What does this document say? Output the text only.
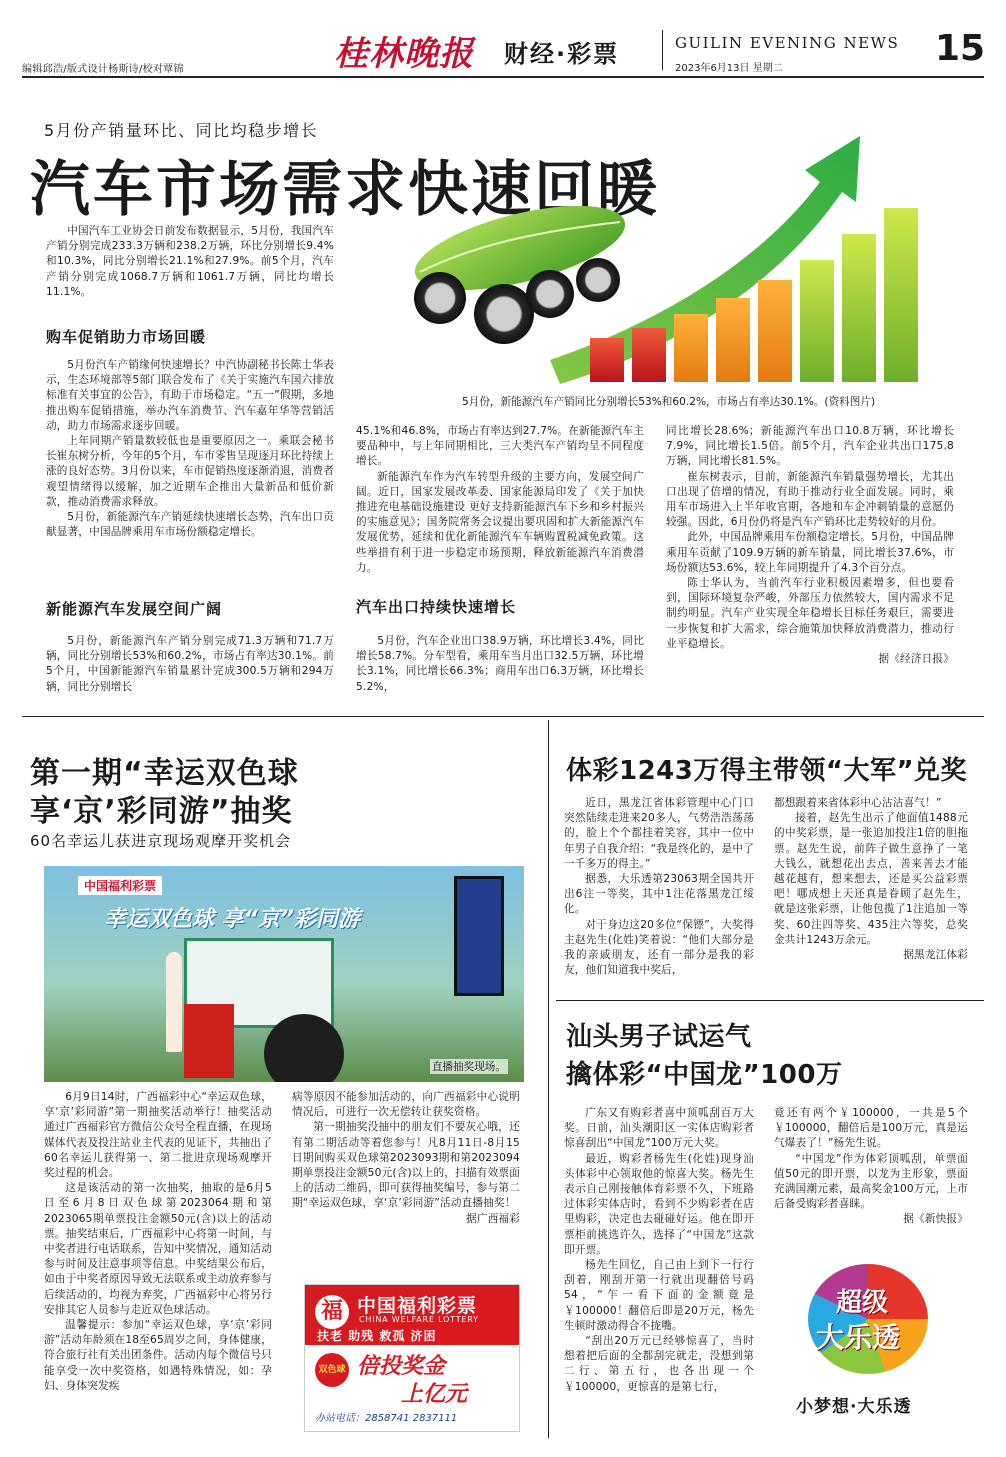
编辑邱浩/版式设计杨斯诗/校对覃锦	桂林晚报 财经·彩票	GUILIN EVENING NEWS
2023年6月13日 星期二	15
5月份产销量环比、同比均稳步增长
汽车市场需求快速回暖

中国汽车工业协会日前发布数据显示，5月份，我国汽车产销分别完成233.3万辆和238.2万辆，环比分别增长9.4%和10.3%，同比分别增长21.1%和27.9%。前5个月，汽车产销分别完成1068.7万辆和1061.7万辆，同比均增长11.1%。

5月份，新能源汽车产销同比分别增长53%和60.2%，市场占有率达30.1%。(资料图片)
购车促销助力市场回暖

5月份汽车产销缘何快速增长？中汽协副秘书长陈士华表示，生态环境部等5部门联合发布了《关于实施汽车国六排放标准有关事宜的公告》，有助于市场稳定。“五一”假期，多地推出购车促销措施，举办汽车消费节、汽车嘉年华等营销活动，助力市场需求逐步回暖。

上年同期产销量数较低也是重要原因之一。乘联会秘书长崔东树分析，今年的5个月，车市零售呈现逐月环比持续上涨的良好态势。3月份以来，车市促销热度逐渐消退，消费者观望情绪得以缓解，加之近期车企推出大量新品和低价新款，推动消费需求释放。

5月份，新能源汽车产销延续快速增长态势，汽车出口贡献显著，中国品牌乘用车市场份额稳定增长。

新能源汽车发展空间广阔

5月份，新能源汽车产销分别完成71.3万辆和71.7万辆，同比分别增长53%和60.2%，市场占有率达30.1%。前5个月，中国新能源汽车销量累计完成300.5万辆和294万辆，同比分别增长

45.1%和46.8%，市场占有率达到27.7%。在新能源汽车主要品种中，与上年同期相比，三大类汽车产销均呈不同程度增长。

新能源汽车作为汽车转型升级的主要方向，发展空间广阔。近日，国家发展改革委、国家能源局印发了《关于加快推进充电基础设施建设 更好支持新能源汽车下乡和乡村振兴的实施意见》；国务院常务会议提出要巩固和扩大新能源汽车发展优势，延续和优化新能源汽车车辆购置税减免政策。这些举措有利于进一步稳定市场预期，释放新能源汽车消费潜力。

汽车出口持续快速增长

5月份，汽车企业出口38.9万辆，环比增长3.4%，同比增长58.7%。分车型看，乘用车当月出口32.5万辆，环比增长3.1%，同比增长66.3%；商用车出口6.3万辆，环比增长5.2%，

同比增长28.6%；新能源汽车出口10.8万辆，环比增长7.9%，同比增长1.5倍。前5个月，汽车企业共出口175.8万辆，同比增长81.5%。

崔东树表示，目前，新能源汽车销量强势增长，尤其出口出现了倍增的情况，有助于推动行业全面发展。同时，乘用车市场进入上半年收官期，各地和车企冲刺销量的意愿仍较强。因此，6月份仍将是汽车产销环比走势较好的月份。

此外，中国品牌乘用车份额稳定增长。5月份，中国品牌乘用车贡献了109.9万辆的新车销量，同比增长37.6%，市场份额达53.6%，较上年同期提升了4.3个百分点。

陈士华认为，当前汽车行业积极因素增多，但也要看到，国际环境复杂严峻，外部压力依然较大，国内需求不足制约明显。汽车产业实现全年稳增长目标任务艰巨，需要进一步恢复和扩大需求，综合施策加快释放消费潜力，推动行业平稳增长。

据《经济日报》
第一期“幸运双色球
享‘京’彩同游”抽奖
60名幸运儿获进京现场观摩开奖机会
中国福利彩票
幸运双色球 享“京”彩同游
直播抽奖现场。

6月9日14时，广西福彩中心“幸运双色球，享‘京’彩同游”第一期抽奖活动举行！抽奖活动通过广西福彩官方微信公众号全程直播，在现场媒体代表及投注站业主代表的见证下，共抽出了60名幸运儿获得第一、第二批进京现场观摩开奖过程的机会。

这是该活动的第一次抽奖，抽取的是6月5日至6月8日双色球第2023064期和第2023065期单票投注金额50元(含)以上的活动票。抽奖结束后，广西福彩中心将第一时间，与中奖者进行电话联系，告知中奖情况，通知活动参与时间及注意事项等信息。中奖结果公布后，如由于中奖者原因导致无法联系或主动放弃参与后续活动的，均视为弃奖，广西福彩中心将另行安排其它人员参与走近双色球活动。

温馨提示：参加“幸运双色球，享‘京’彩同游”活动年龄须在18至65周岁之间，身体健康，符合旅行社有关出团条件。活动内每个微信号只能享受一次中奖资格，如遇特殊情况，如：孕妇、身体突发疾

病等原因不能参加活动的，向广西福彩中心说明情况后，可进行一次无偿转让获奖资格。

第一期抽奖没抽中的朋友们不要灰心哦，还有第二期活动等着您参与！凡8月11日-8月15日期间购买双色球第2023093期和第2023094期单票投注金额50元(含)以上的，扫描有效票面上的活动二维码，即可获得抽奖编号，参与第二期“幸运双色球，享‘京’彩同游”活动直播抽奖！

据广西福彩
福 中国福利彩票
CHINA WELFARE LOTTERY
扶老 助残 救孤 济困
双色球 倍投奖金
上亿元
办站电话：2858741 2837111
体彩1243万得主带领“大军”兑奖

近日，黑龙江省体彩管理中心门口突然陆续走进来20多人，气势浩浩荡荡的，脸上个个都挂着笑容，其中一位中年男子自我介绍：“我是终化的，是中了一千多万的得主。”

据悉，大乐透第23063期全国共开出6注一等奖，其中1注花落黑龙江绥化。

对于身边这20多位“保镖”，大奖得主赵先生(化姓)笑着说：“他们大部分是我的亲戚朋友，还有一部分是我的彩友，他们知道我中奖后，

都想跟着来省体彩中心沾沾喜气！”

接着，赵先生出示了他面值1488元的中奖彩票，是一张追加投注1倍的胆拖票。赵先生说，前阵子做生意挣了一笔大钱么，就想花出去点，善来善去才能越花越有，想来想去，还是买公益彩票吧！哪成想上天还真是眷顾了赵先生，就是这张彩票，让他包揽了1注追加一等奖、60注四等奖、435注六等奖，总奖金共计1243万余元。

据黑龙江体彩
汕头男子试运气
擒体彩“中国龙”100万

广东又有购彩者喜中顶呱刮百万大奖。日前，汕头潮阳区一实体店购彩者惊喜刮出“中国龙”100万元大奖。

最近，购彩者杨先生(化姓)现身汕头体彩中心领取他的惊喜大奖。杨先生表示自己刚接触体育彩票不久，下班路过体彩实体店时，看到不少购彩者在店里购彩，决定也去碰碰好运。他在即开票柜前挑选许久，选择了“中国龙”这款即开票。

杨先生回忆，自己由上到下一行行刮着，刚刮开第一行就出现翻倍号码54，“乍一看下面的金额竟是￥100000！翻倍后即是20万元，杨先生顿时激动得合不拢嘴。

“刮出20万元已经够惊喜了，当时想着把后面的全都刮完就走，没想到第二行、第五行，也各出现一个￥100000，更惊喜的是第七行，

竟还有两个￥100000，一共是5个￥100000，翻倍后是100万元，真是运气爆表了！”杨先生说。

“中国龙”作为体彩顶呱刮，单票面值50元的即开票，以龙为主形象，票面充满国潮元素，最高奖金100万元，上市后备受购彩者喜睐。

据《新快报》
超级
大乐透
小梦想·大乐透
